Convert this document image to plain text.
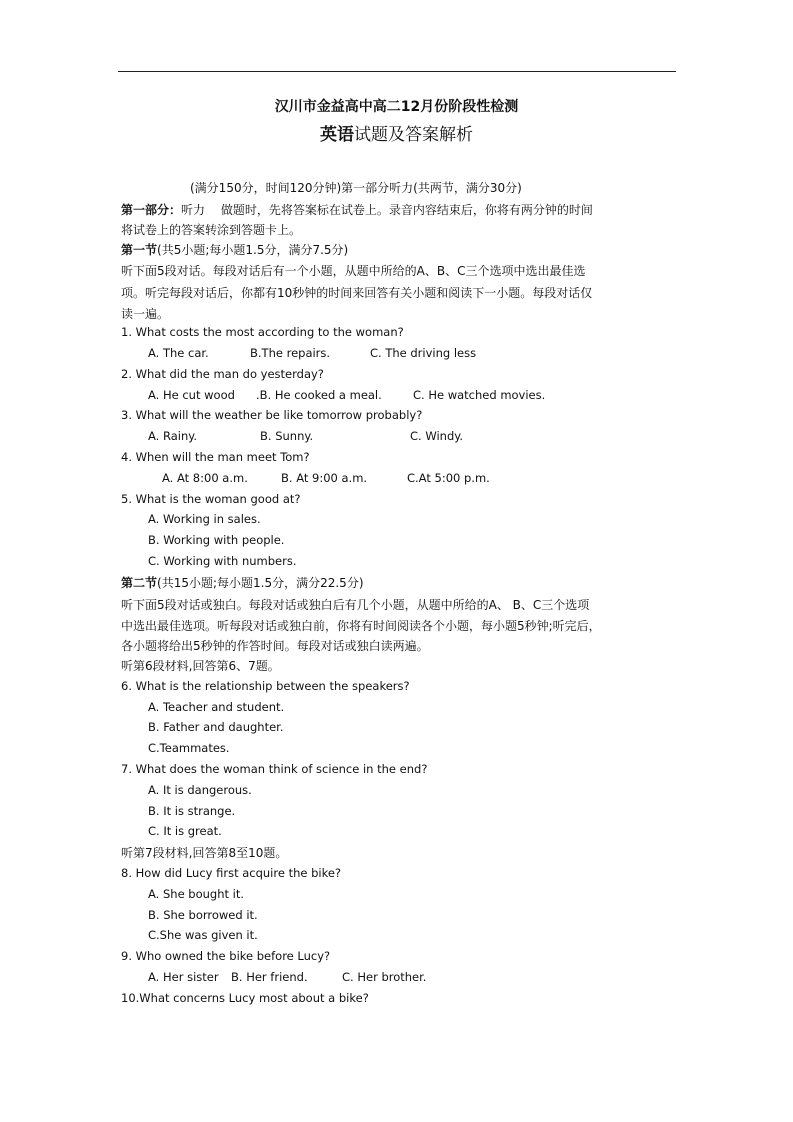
汉川市金益高中高二12月份阶段性检测
英语试题及答案解析
(满分150分，时间120分钟)第一部分听力(共两节，满分30分)
第一部分：听力　 做题时，先将答案标在试卷上。录音内容结束后，你将有两分钟的时间
将试卷上的答案转涂到答题卡上。
第一节(共5小题;每小题1.5分，满分7.5分)
听下面5段对话。每段对话后有一个小题，从题中所给的A、B、C三个选项中选出最佳选
项。听完每段对话后，你都有10秒钟的时间来回答有关小题和阅读下一小题。每段对话仅
读一遍。
1. What costs the most according to the woman?
A. The car.	B.The repairs.	C. The driving less
2. What did the man do yesterday?
A. He cut wood .B. He cooked a meal.	C. He watched movies.
3. What will the weather be like tomorrow probably?
A. Rainy.	B. Sunny.	C. Windy.
4. When will the man meet Tom?
A. At 8:00 a.m.	B. At 9:00 a.m.	C.At 5:00 p.m.
5. What is the woman good at?
A. Working in sales.
B. Working with people.
C. Working with numbers.
第二节(共15小题;每小题1.5分，满分22.5分)
听下面5段对话或独白。每段对话或独白后有几个小题，从题中所给的A、 B、C三个选项
中选出最佳选项。听每段对话或独白前，你将有时间阅读各个小题，每小题5秒钟;听完后，
各小题将给出5秒钟的作答时间。每段对话或独白读两遍。
听第6段材料,回答第6、7题。
6. What is the relationship between the speakers?
A. Teacher and student.
B. Father and daughter.
C.Teammates.
7. What does the woman think of science in the end?
A. It is dangerous.
B. It is strange.
C. It is great.
听第7段材料,回答第8至10题。
8. How did Lucy first acquire the bike?
A. She bought it.
B. She borrowed it.
C.She was given it.
9. Who owned the bike before Lucy?
A. Her sister B. Her friend.	C. Her brother.
10.What concerns Lucy most about a bike?
